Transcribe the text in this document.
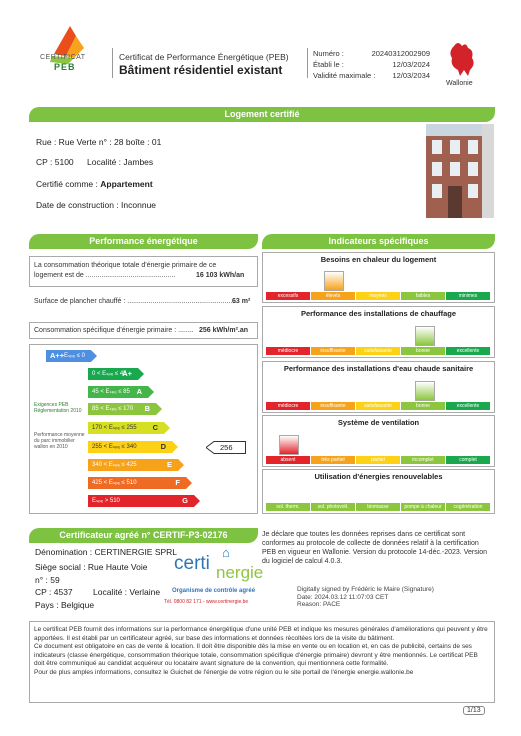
CERTIFICAT
PEB
Certificat de Performance Énergétique (PEB)
Bâtiment résidentiel existant
Numéro :	20240312002909
Établi le :	12/03/2024
Validité maximale :	12/03/2034
Wallonie
Logement certifié
Rue : Rue Verte n° : 28 boîte : 01
CP : 5100 Localité : Jambes
Certifié comme : Appartement
Date de construction : Inconnue
Performance énergétique
La consommation théorique totale d'énergie primaire de ce
logement est de ..............................................	16 103 kWh/an
Surface de plancher chauffé : ........................................................
63 m²
Consommation spécifique d'énergie primaire : ........ 256 kWh/m².an
A++ Eₛₚₑ ≤ 0
0 < Eₛₚₑ ≤ 45
A+
45 < Eₛₚₑ ≤ 85 A
85 < Eₛₚₑ ≤ 170 B
170 < Eₛₚₑ ≤ 255 C
255 < Eₛₚₑ ≤ 340	D
340 < Eₛₚₑ ≤ 425	E
425 < Eₛₚₑ ≤ 510	F
Eₛₚₑ > 510	G
Exigences PEB Réglementation 2010
Performance moyenne du parc immobilier wallon en 2010	256
Indicateurs spécifiques
Besoins en chaleur du logement
excessifs	élevés	moyens	faibles	minimes
Performance des installations de chauffage
médiocre	insuffisante	satisfaisante	bonne	excellente
Performance des installations d'eau chaude sanitaire
médiocre	insuffisante	satisfaisante	bonne	excellente
Système de ventilation
absent	très partiel	partiel	incomplet	complet
Utilisation d'énergies renouvelables
sol. therm.	sol. photovolt.	biomasse	pompe à chaleur	cogénération
Certificateur agréé n° CERTIF-P3-02176
Dénomination : CERTINERGIE SPRL
Siège social : Rue Haute Voie
n° : 59
CP : 4537 Localité : Verlaine
Pays : Belgique
⌂
certi nergie
Organisme de contrôle agréé
Tél. 0800 82 171 - www.certinergie.be
Je déclare que toutes les données reprises dans ce certificat sont conformes au protocole de collecte de données relatif à la certification PEB en vigueur en Wallonie. Version du protocole 14-déc.-2023. Version du logiciel de calcul 4.0.3.
Digitally signed by Frédéric le Maire (Signature)
Date: 2024.03.12 11:07:03 CET
Reason: PACE

Le certificat PEB fournit des informations sur la performance énergétique d'une unité PEB et indique les mesures générales d'améliorations qui peuvent y être apportées. Il est établi par un certificateur agréé, sur base des informations et données récoltées lors de la visite du bâtiment.

Ce document est obligatoire en cas de vente & location. Il doit être disponible dès la mise en vente ou en location et, en cas de publicité, certains de ses indicateurs (classe énergétique, consommation théorique totale, consommation spécifique d'énergie primaire) devront y être mentionnés. Le certificat PEB doit être communiqué au candidat acquéreur ou locataire avant signature de la convention, qui mentionnera cette formalité.

Pour de plus amples informations, consultez le Guichet de l'énergie de votre région ou le site portail de l'énergie energie.wallonie.be

1/13
